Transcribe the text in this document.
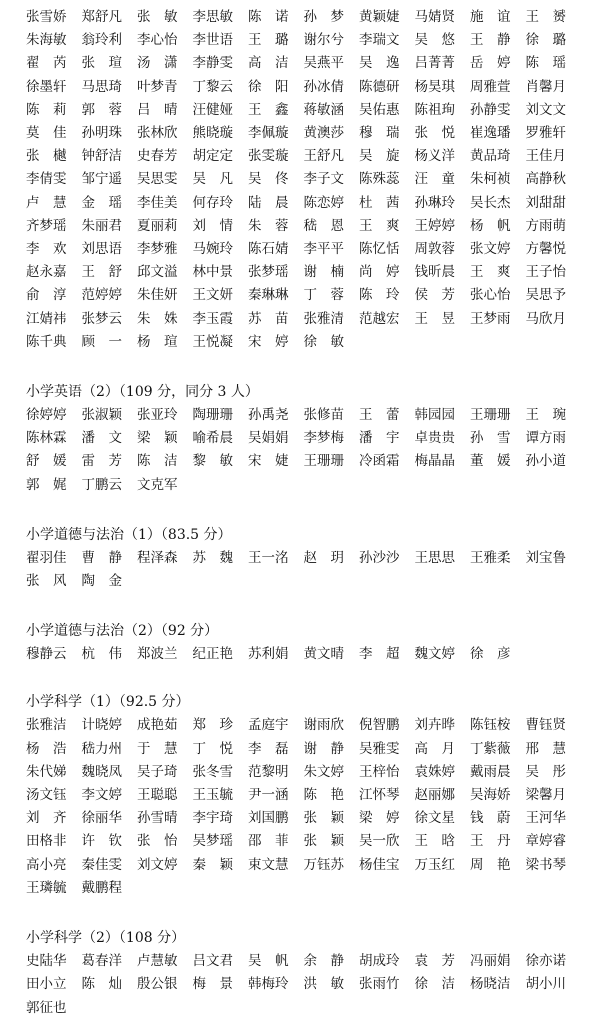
张雪娇	郑舒凡	张　敏	李思敏	陈　诺	孙　梦	黄颖婕	马婧贤	施　谊	王　赟
朱海敏	翁玲利	李心怡	李世语	王　璐	谢尔兮	李瑞文	吴　悠	王　静	徐　璐
翟　芮	张　瑄	汤　潇	李静雯	高　洁	吴燕平	吴　逸	吕菁菁	岳　婷	陈　瑶
徐墨轩	马思琦	叶梦青	丁黎云	徐　阳	孙冰倩	陈德研	杨昊琪	周雅萱	肖馨月
陈　莉	郭　蓉	吕　晴	汪健娅	王　鑫	蒋敏涵	吴佑惠	陈祖珣	孙静雯	刘文文
莫　佳	孙明珠	张林欣	熊晓璇	李佩璇	黄澳莎	穆　瑞	张　悦	崔逸璠	罗雅轩
张　樾	钟舒洁	史春芳	胡定定	张雯璇	王舒凡	吴　旋	杨义洋	黄品琦	王佳月
李倩雯	邹宁遥	吴思雯	吴　凡	吴　佟	李子文	陈殊蕊	汪　童	朱柯祯	高静秋
卢　慧	金　瑶	李佳美	何存玲	陆　晨	陈恋婷	杜　茜	孙琳玲	吴长杰	刘甜甜
齐梦瑶	朱丽君	夏丽莉	刘　情	朱　蓉	嵇　恩	王　爽	王婷婷	杨　帆	方雨萌
李　欢	刘思语	李梦雅	马婉玲	陈石婧	李平平	陈忆恬	周敦蓉	张文婷	方馨悦
赵永嘉	王　舒	邱文溢	林中景	张梦瑶	谢　楠	尚　婷	钱昕晨	王　爽	王子怡
俞　淳	范婷婷	朱佳妍	王文妍	秦琳琳	丁　蓉	陈　玲	侯　芳	张心怡	吴思予
江婧祎	张梦云	朱　姝	李玉霞	苏　苗	张雅清	范越宏	王　昱	王梦雨	马欣月
陈千典	顾　一	杨　瑄	王悦凝	宋　婷	徐　敏
小学英语（2）（109 分，同分 3 人）
徐婷婷	张淑颖	张亚玲	陶珊珊	孙禹尧	张修苗	王　蕾	韩园园	王珊珊	王　琬
陈林霖	潘　文	梁　颖	喻希晨	吴娟娟	李梦梅	潘　宇	卓贵贵	孙　雪	谭方雨
舒　媛	雷　芳	陈　洁	黎　敏	宋　婕	王珊珊	冷函霜	梅晶晶	董　媛	孙小道
郭　娓	丁鹏云	文克军
小学道德与法治（1）（83.5 分）
翟羽佳	曹　静	程泽森	苏　魏	王一洺	赵　玥	孙沙沙	王思思	王雅柔	刘宝鲁
张　风	陶　金
小学道德与法治（2）（92 分）
穆静云	杭　伟	郑波兰	纪正艳	苏利娟	黄文晴	李　超	魏文婷	徐　彦
小学科学（1）（92.5 分）
张雅洁	计晓婷	成艳茹	郑　珍	孟庭宇	谢雨欣	倪智鹏	刘卉晔	陈钰桉	曹钰贤
杨　浩	嵇力州	于　慧	丁　悦	李　磊	谢　静	吴雅雯	高　月	丁紫薇	邢　慧
朱代娣	魏晓凤	吴子琦	张冬雪	范黎明	朱文婷	王梓怡	袁姝婷	戴雨晨	吴　彤
汤文钰	李文婷	王聪聪	王玉毓	尹一涵	陈　艳	江怀琴	赵丽娜	吴海娇	梁馨月
刘　齐	徐丽华	孙雪晴	李宇琦	刘国鹏	张　颖	梁　婷	徐文星	钱　蔚	王河华
田格非	许　钦	张　怡	吴梦瑶	邵　菲	张　颖	吴一欣	王　晗	王　丹	章婷睿
高小亮	秦佳雯	刘文婷	秦　颖	束文慧	万钰苏	杨佳宝	万玉红	周　艳	梁书琴
王璘毓	戴鹏程
小学科学（2）（108 分）
史陆华	葛春洋	卢慧敏	吕文君	吴　帆	余　静	胡成玲	袁　芳	冯丽娟	徐亦诺
田小立	陈　灿	殷公银	梅　景	韩梅玲	洪　敏	张雨竹	徐　洁	杨晓洁	胡小川
郭征也
